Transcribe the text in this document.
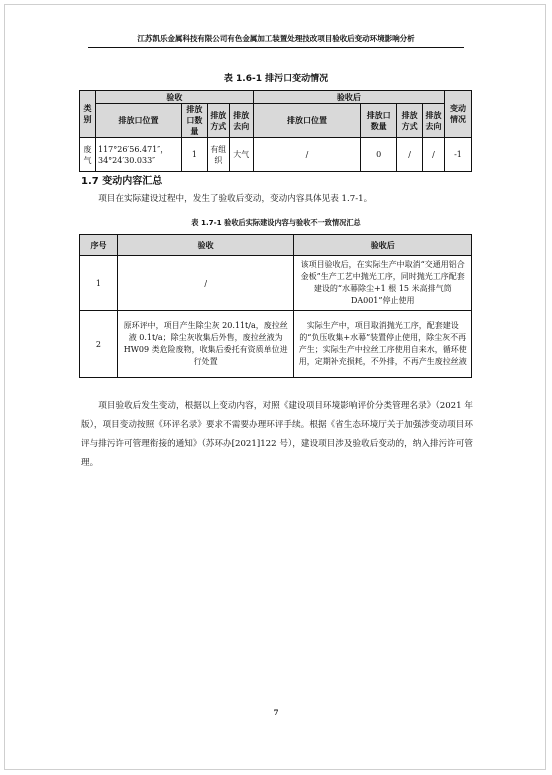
江苏凯乐金属科技有限公司有色金属加工装置处理技改项目验收后变动环境影响分析
表 1.6-1 排污口变动情况
类别	验收				验收后				变动情况
	排放口位置	排放口数量	排放方式	排放去向	排放口位置	排放口数量	排放方式	排放去向	
废气	117°26′56.471″，34°24′30.033″	1	有组织	大气	/	0	/	/	-1
1.7 变动内容汇总
项目在实际建设过程中，发生了验收后变动，变动内容具体见表 1.7-1。
表 1.7-1 验收后实际建设内容与验收不一致情况汇总
序号	验收	验收后
1	/	该项目验收后，在实际生产中取消“交通用铝合金板”生产工艺中抛光工序，同时抛光工序配套建设的“水幕除尘+1 根 15 米高排气筒 DA001”停止使用
2	原环评中，项目产生除尘灰 20.11t/a，废拉丝液 0.1t/a；除尘灰收集后外售，废拉丝液为 HW09 类危险废物，收集后委托有资质单位进行处置	实际生产中，项目取消抛光工序，配套建设的“负压收集+水幕”装置停止使用，除尘灰不再产生；实际生产中拉丝工序使用自来水，循环使用，定期补充损耗，不外排，不再产生废拉丝液
项目验收后发生变动，根据以上变动内容，对照《建设项目环境影响评价分类管理名录》（2021 年版），项目变动按照《环评名录》要求不需要办理环评手续。根据《省生态环境厅关于加强涉变动项目环评与排污许可管理衔接的通知》（苏环办[2021]122 号），建设项目涉及验收后变动的，纳入排污许可管理。
7
